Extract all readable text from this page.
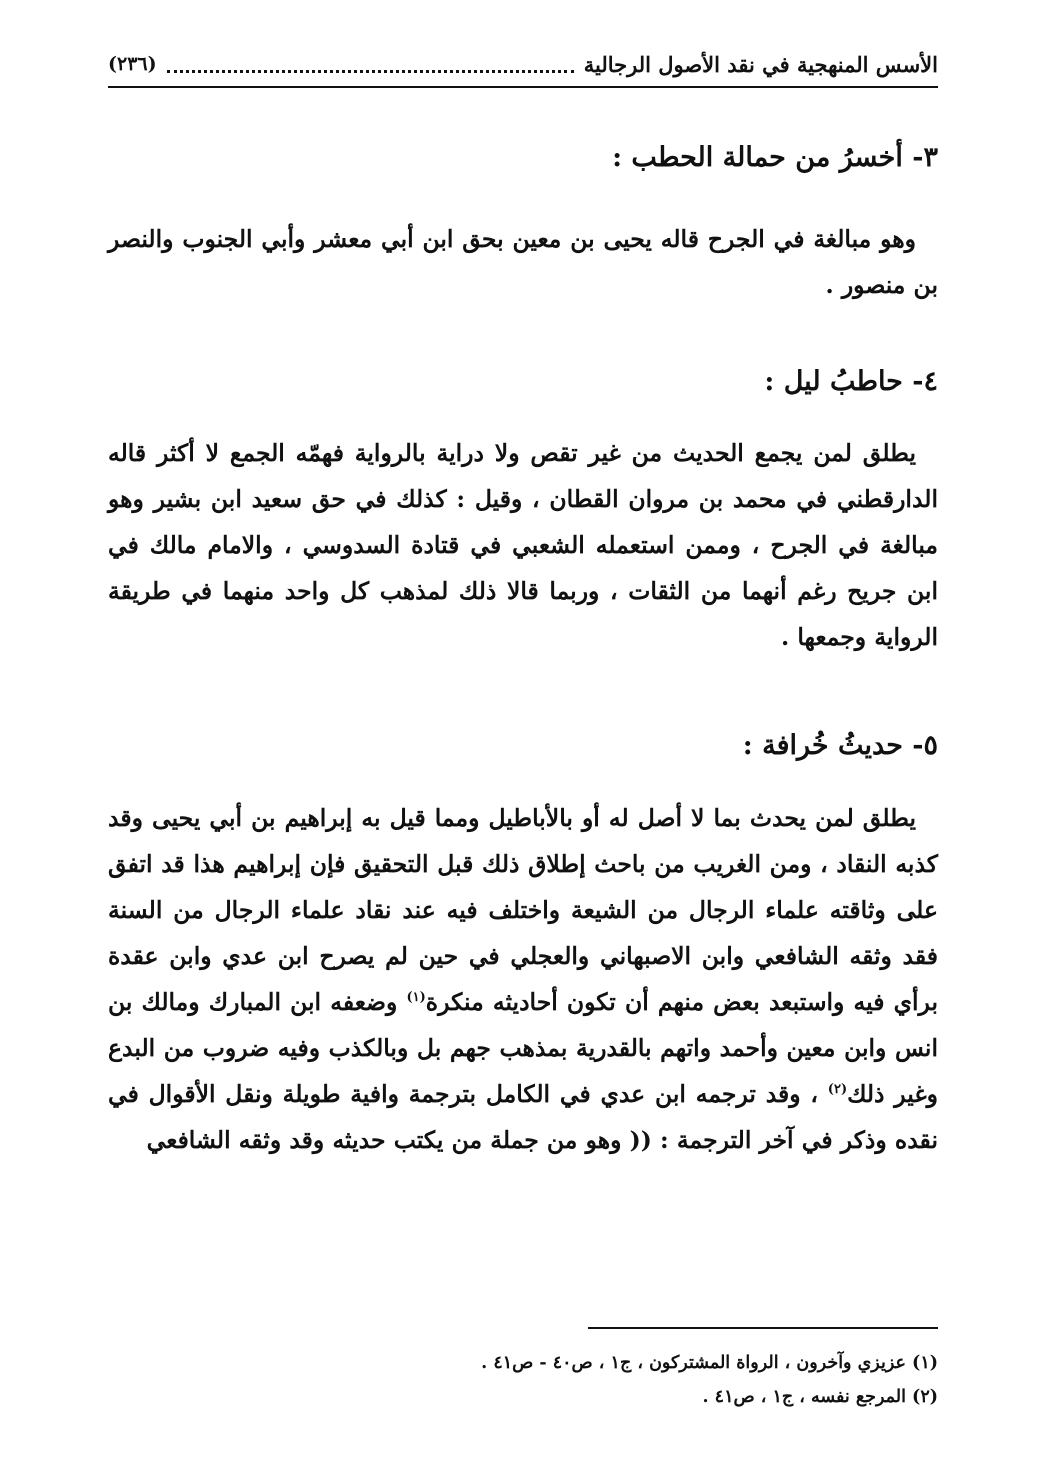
الأسس المنهجية في نقد الأصول الرجالية
(٢٣٦)
٣- أخسرُ من حمالة الحطب :

وهو مبالغة في الجرح قاله يحيى بن معين بحق ابن أبي معشر وأبي الجنوب والنصر بن منصور .

٤- حاطبُ ليل :

يطلق لمن يجمع الحديث من غير تقص ولا دراية بالرواية فهمّه الجمع لا أكثر قاله الدارقطني في محمد بن مروان القطان ، وقيل : كذلك في حق سعيد ابن بشير وهو مبالغة في الجرح ، وممن استعمله الشعبي في قتادة السدوسي ، والامام مالك في ابن جريح رغم أنهما من الثقات ، وربما قالا ذلك لمذهب كل واحد منهما في طريقة الرواية وجمعها .

٥- حديثُ خُرافة :

يطلق لمن يحدث بما لا أصل له أو بالأباطيل ومما قيل به إبراهيم بن أبي يحيى وقد كذبه النقاد ، ومن الغريب من باحث إطلاق ذلك قبل التحقيق فإن إبراهيم هذا قد اتفق على وثاقته علماء الرجال من الشيعة واختلف فيه عند نقاد علماء الرجال من السنة فقد وثقه الشافعي وابن الاصبهاني والعجلي في حين لم يصرح ابن عدي وابن عقدة برأي فيه واستبعد بعض منهم أن تكون أحاديثه منكرة$^{(١)}$ وضعفه ابن المبارك ومالك بن انس وابن معين وأحمد واتهم بالقدرية بمذهب جهم بل وبالكذب وفيه ضروب من البدع وغير ذلك$^{(٢)}$ ، وقد ترجمه ابن عدي في الكامل بترجمة وافية طويلة ونقل الأقوال في نقده وذكر في آخر الترجمة : (( وهو من جملة من يكتب حديثه وقد وثقه الشافعي

(١) عزيزي وآخرون ، الرواة المشتركون ، ج١ ، ص٤٠ - ص٤١ .

(٢) المرجع نفسه ، ج١ ، ص٤١ .
